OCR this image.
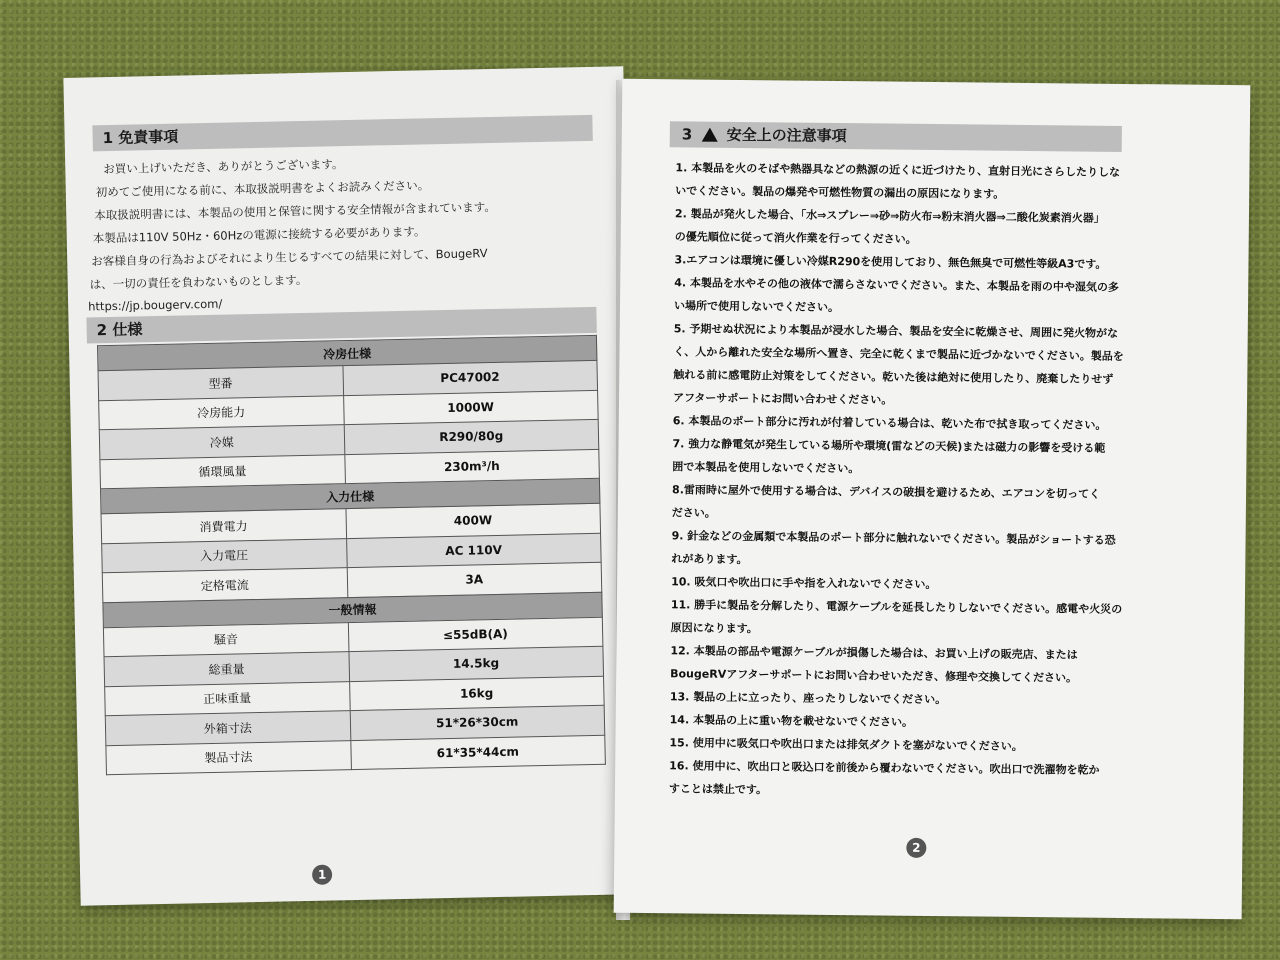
1 免責事項
お買い上げいただき、ありがとうございます。
初めてご使用になる前に、本取扱説明書をよくお読みください。
本取扱説明書には、本製品の使用と保管に関する安全情報が含まれています。
本製品は110V 50Hz・60Hzの電源に接続する必要があります。
お客様自身の行為およびそれにより生じるすべての結果に対して、BougeRV
は、一切の責任を負わないものとします。
https://jp.bougerv.com/
2 仕様
冷房仕様	
型番	PC47002
冷房能力	1000W
冷媒	R290/80g
循環風量	230m³/h
入力仕様	
消費電力	400W
入力電圧	AC 110V
定格電流	3A
一般情報	
騒音	≤55dB(A)
総重量	14.5kg
正味重量	16kg
外箱寸法	51*26*30cm
製品寸法	61*35*44cm
1
3 安全上の注意事項
1. 本製品を火のそばや熱器具などの熱源の近くに近づけたり、直射日光にさらしたりしな
いでください。製品の爆発や可燃性物質の漏出の原因になります。
2. 製品が発火した場合、「水⇒スプレー⇒砂⇒防火布⇒粉末消火器⇒二酸化炭素消火器」
の優先順位に従って消火作業を行ってください。
3.エアコンは環境に優しい冷媒R290を使用しており、無色無臭で可燃性等級A3です。
4. 本製品を水やその他の液体で濡らさないでください。また、本製品を雨の中や湿気の多
い場所で使用しないでください。
5. 予期せぬ状況により本製品が浸水した場合、製品を安全に乾燥させ、周囲に発火物がな
く、人から離れた安全な場所へ置き、完全に乾くまで製品に近づかないでください。製品を
触れる前に感電防止対策をしてください。乾いた後は絶対に使用したり、廃棄したりせず
アフターサポートにお問い合わせください。
6. 本製品のポート部分に汚れが付着している場合は、乾いた布で拭き取ってください。
7. 強力な静電気が発生している場所や環境(雷などの天候)または磁力の影響を受ける範
囲で本製品を使用しないでください。
8.雷雨時に屋外で使用する場合は、デバイスの破損を避けるため、エアコンを切ってく
ださい。
9. 針金などの金属類で本製品のポート部分に触れないでください。製品がショートする恐
れがあります。
10. 吸気口や吹出口に手や指を入れないでください。
11. 勝手に製品を分解したり、電源ケーブルを延長したりしないでください。感電や火災の
原因になります。
12. 本製品の部品や電源ケーブルが損傷した場合は、お買い上げの販売店、または
BougeRVアフターサポートにお問い合わせいただき、修理や交換してください。
13. 製品の上に立ったり、座ったりしないでください。
14. 本製品の上に重い物を載せないでください。
15. 使用中に吸気口や吹出口または排気ダクトを塞がないでください。
16. 使用中に、吹出口と吸込口を前後から覆わないでください。吹出口で洗濯物を乾か
すことは禁止です。
2
